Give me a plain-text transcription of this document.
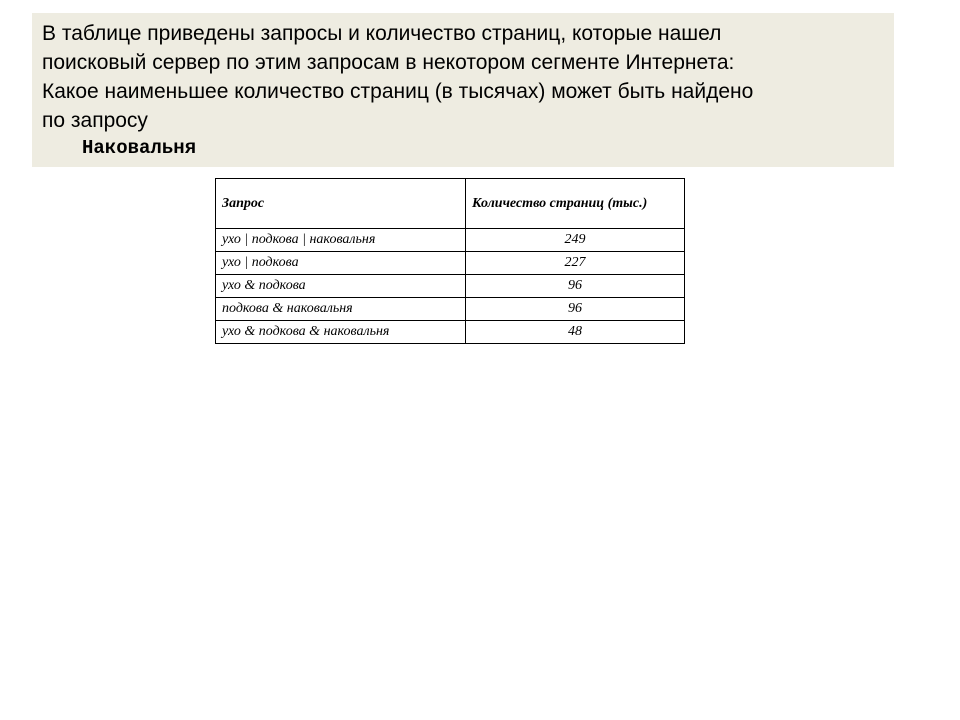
В таблице приведены запросы и количество страниц, которые нашел
поисковый сервер по этим запросам в некотором сегменте Интернета:
Какое наименьшее количество страниц (в тысячах) может быть найдено
по запросу

Наковальня

Запрос	Количество страниц (тыс.)
ухо | подкова | наковальня	249
ухо | подкова	227
ухо & подкова	96
подкова & наковальня	96
ухо & подкова & наковальня	48
